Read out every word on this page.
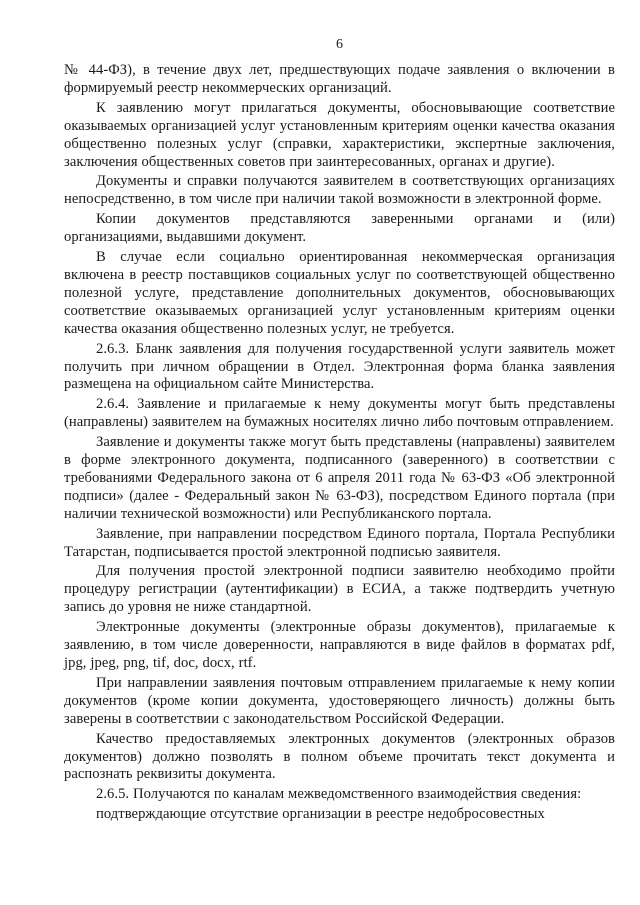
6

№ 44-ФЗ), в течение двух лет, предшествующих подаче заявления о включении в формируемый реестр некоммерческих организаций.

К заявлению могут прилагаться документы, обосновывающие соответствие оказываемых организацией услуг установленным критериям оценки качества оказания общественно полезных услуг (справки, характеристики, экспертные заключения, заключения общественных советов при заинтересованных, органах и другие).

Документы и справки получаются заявителем в соответствующих организациях непосредственно, в том числе при наличии такой возможности в электронной форме.

Копии документов представляются заверенными органами и (или) организациями, выдавшими документ.

В случае если социально ориентированная некоммерческая организация включена в реестр поставщиков социальных услуг по соответствующей общественно полезной услуге, представление дополнительных документов, обосновывающих соответствие оказываемых организацией услуг установленным критериям оценки качества оказания общественно полезных услуг, не требуется.

2.6.3. Бланк заявления для получения государственной услуги заявитель может получить при личном обращении в Отдел. Электронная форма бланка заявления размещена на официальном сайте Министерства.

2.6.4. Заявление и прилагаемые к нему документы могут быть представлены (направлены) заявителем на бумажных носителях лично либо почтовым отправлением.

Заявление и документы также могут быть представлены (направлены) заявителем в форме электронного документа, подписанного (заверенного) в соответствии с требованиями Федерального закона от 6 апреля 2011 года № 63-ФЗ «Об электронной подписи» (далее - Федеральный закон № 63-ФЗ), посредством Единого портала (при наличии технической возможности) или Республиканского портала.

Заявление, при направлении посредством Единого портала, Портала Республики Татарстан, подписывается простой электронной подписью заявителя.

Для получения простой электронной подписи заявителю необходимо пройти процедуру регистрации (аутентификации) в ЕСИА, а также подтвердить учетную запись до уровня не ниже стандартной.

Электронные документы (электронные образы документов), прилагаемые к заявлению, в том числе доверенности, направляются в виде файлов в форматах pdf, jpg, jpeg, png, tif, doc, docx, rtf.

При направлении заявления почтовым отправлением прилагаемые к нему копии документов (кроме копии документа, удостоверяющего личность) должны быть заверены в соответствии с законодательством Российской Федерации.

Качество предоставляемых электронных документов (электронных образов документов) должно позволять в полном объеме прочитать текст документа и распознать реквизиты документа.

2.6.5. Получаются по каналам межведомственного взаимодействия сведения:

подтверждающие отсутствие организации в реестре недобросовестных
